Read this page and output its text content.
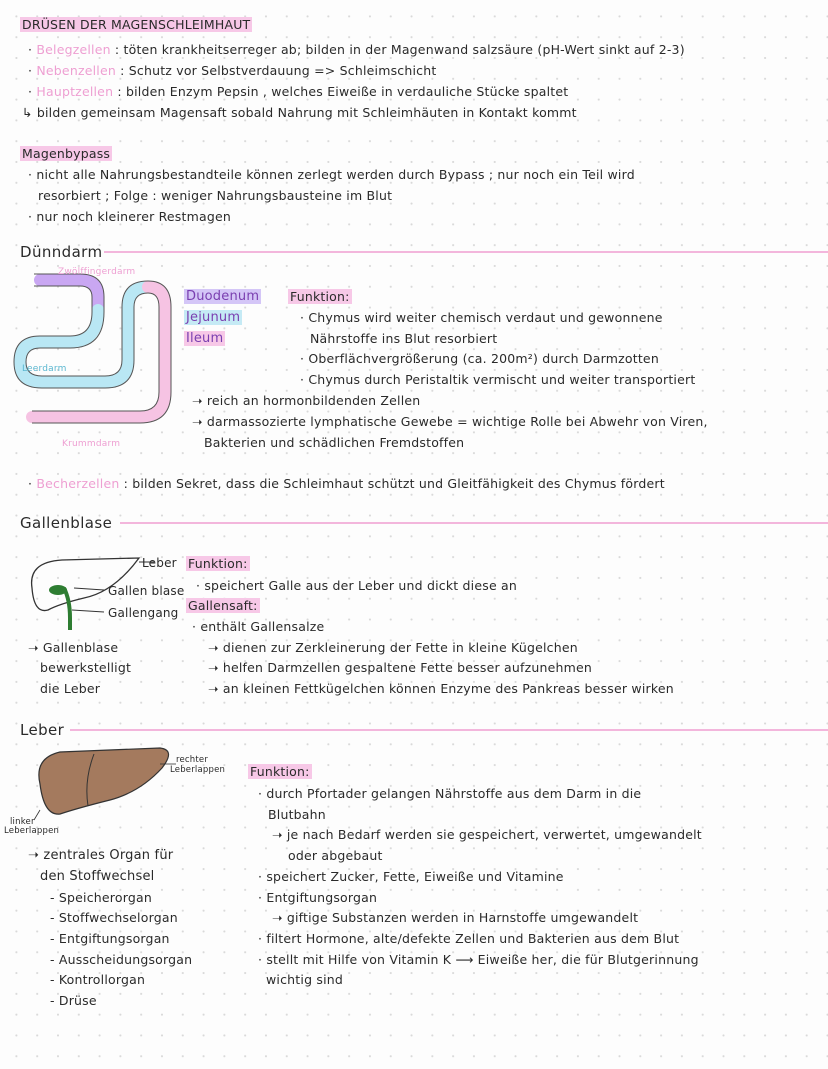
DRÜSEN DER MAGENSCHLEIMHAUT
· Belegzellen : töten krankheitserreger ab; bilden in der Magenwand salzsäure (pH-Wert sinkt auf 2-3)
· Nebenzellen : Schutz vor Selbstverdauung => Schleimschicht
· Hauptzellen : bilden Enzym Pepsin , welches Eiweiße in verdauliche Stücke spaltet
↳ bilden gemeinsam Magensaft sobald Nahrung mit Schleimhäuten in Kontakt kommt
Magenbypass
· nicht alle Nahrungsbestandteile können zerlegt werden durch Bypass ; nur noch ein Teil wird
resorbiert ; Folge : weniger Nahrungsbausteine im Blut
· nur noch kleinerer Restmagen
Dünndarm
Zwölffingerdarm
Leerdarm
Krummdarm
Duodenum
Jejunum
Ileum
Funktion:
· Chymus wird weiter chemisch verdaut und gewonnene
Nährstoffe ins Blut resorbiert
· Oberflächvergrößerung (ca. 200m²) durch Darmzotten
· Chymus durch Peristaltik vermischt und weiter transportiert
➝ reich an hormonbildenden Zellen
➝ darmassozierte lymphatische Gewebe = wichtige Rolle bei Abwehr von Viren,
Bakterien und schädlichen Fremdstoffen
· Becherzellen : bilden Sekret, dass die Schleimhaut schützt und Gleitfähigkeit des Chymus fördert
Gallenblase
Leber
Gallen blase
Gallengang
Funktion:
· speichert Galle aus der Leber und dickt diese an
Gallensaft:
· enthält Gallensalze
➝ dienen zur Zerkleinerung der Fette in kleine Kügelchen
➝ helfen Darmzellen gespaltene Fette besser aufzunehmen
➝ an kleinen Fettkügelchen können Enzyme des Pankreas besser wirken
➝ Gallenblase
bewerkstelligt
die Leber
Leber
rechter
Leberlappen
linker
Leberlappen
Funktion:
· durch Pfortader gelangen Nährstoffe aus dem Darm in die
Blutbahn
➝ je nach Bedarf werden sie gespeichert, verwertet, umgewandelt
oder abgebaut
· speichert Zucker, Fette, Eiweiße und Vitamine
· Entgiftungsorgan
➝ giftige Substanzen werden in Harnstoffe umgewandelt
· filtert Hormone, alte/defekte Zellen und Bakterien aus dem Blut
· stellt mit Hilfe von Vitamin K ⟶ Eiweiße her, die für Blutgerinnung
wichtig sind
➝ zentrales Organ für
den Stoffwechsel
- Speicherorgan
- Stoffwechselorgan
- Entgiftungsorgan
- Ausscheidungsorgan
- Kontrollorgan
- Drüse
